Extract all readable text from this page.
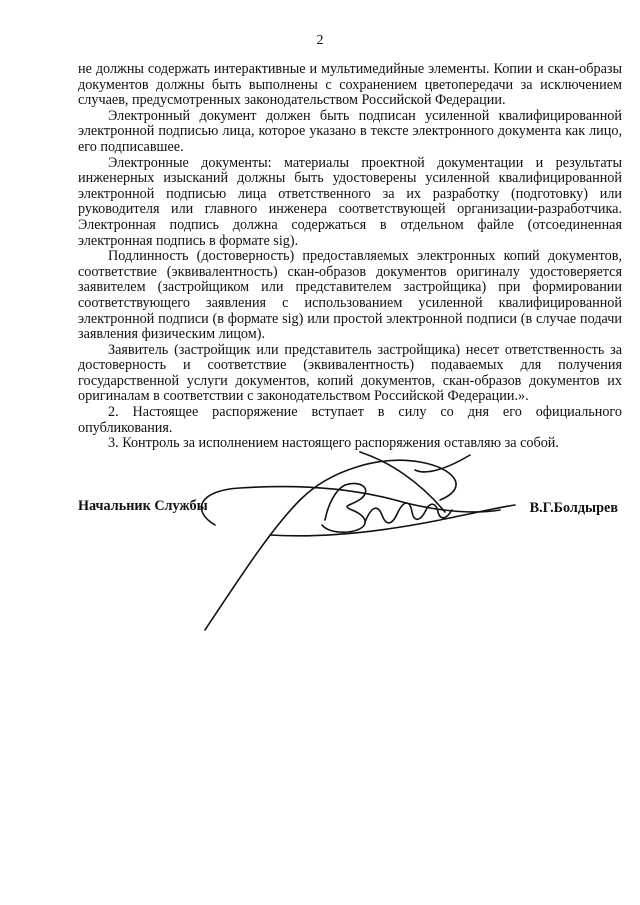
2

не должны содержать интерактивные и мультимедийные элементы. Копии и скан-образы документов должны быть выполнены с сохранением цветопередачи за исключением случаев, предусмотренных законодательством Российской Федерации.

Электронный документ должен быть подписан усиленной квалифицированной электронной подписью лица, которое указано в тексте электронного документа как лицо, его подписавшее.

Электронные документы: материалы проектной документации и результаты инженерных изысканий должны быть удостоверены усиленной квалифицированной электронной подписью лица ответственного за их разработку (подготовку) или руководителя или главного инженера соответствующей организации-разработчика. Электронная подпись должна содержаться в отдельном файле (отсоединенная электронная подпись в формате sig).

Подлинность (достоверность) предоставляемых электронных копий документов, соответствие (эквивалентность) скан-образов документов оригиналу удостоверяется заявителем (застройщиком или представителем застройщика) при формировании соответствующего заявления с использованием усиленной квалифицированной электронной подписи (в формате sig) или простой электронной подписи (в случае подачи заявления физическим лицом).

Заявитель (застройщик или представитель застройщика) несет ответственность за достоверность и соответствие (эквивалентность) подаваемых для получения государственной услуги документов, копий документов, скан-образов документов их оригиналам в соответствии с законодательством Российской Федерации.».

2. Настоящее распоряжение вступает в силу со дня его официального опубликования.

3. Контроль за исполнением настоящего распоряжения оставляю за собой.

Начальник Службы	В.Г.Болдырев
